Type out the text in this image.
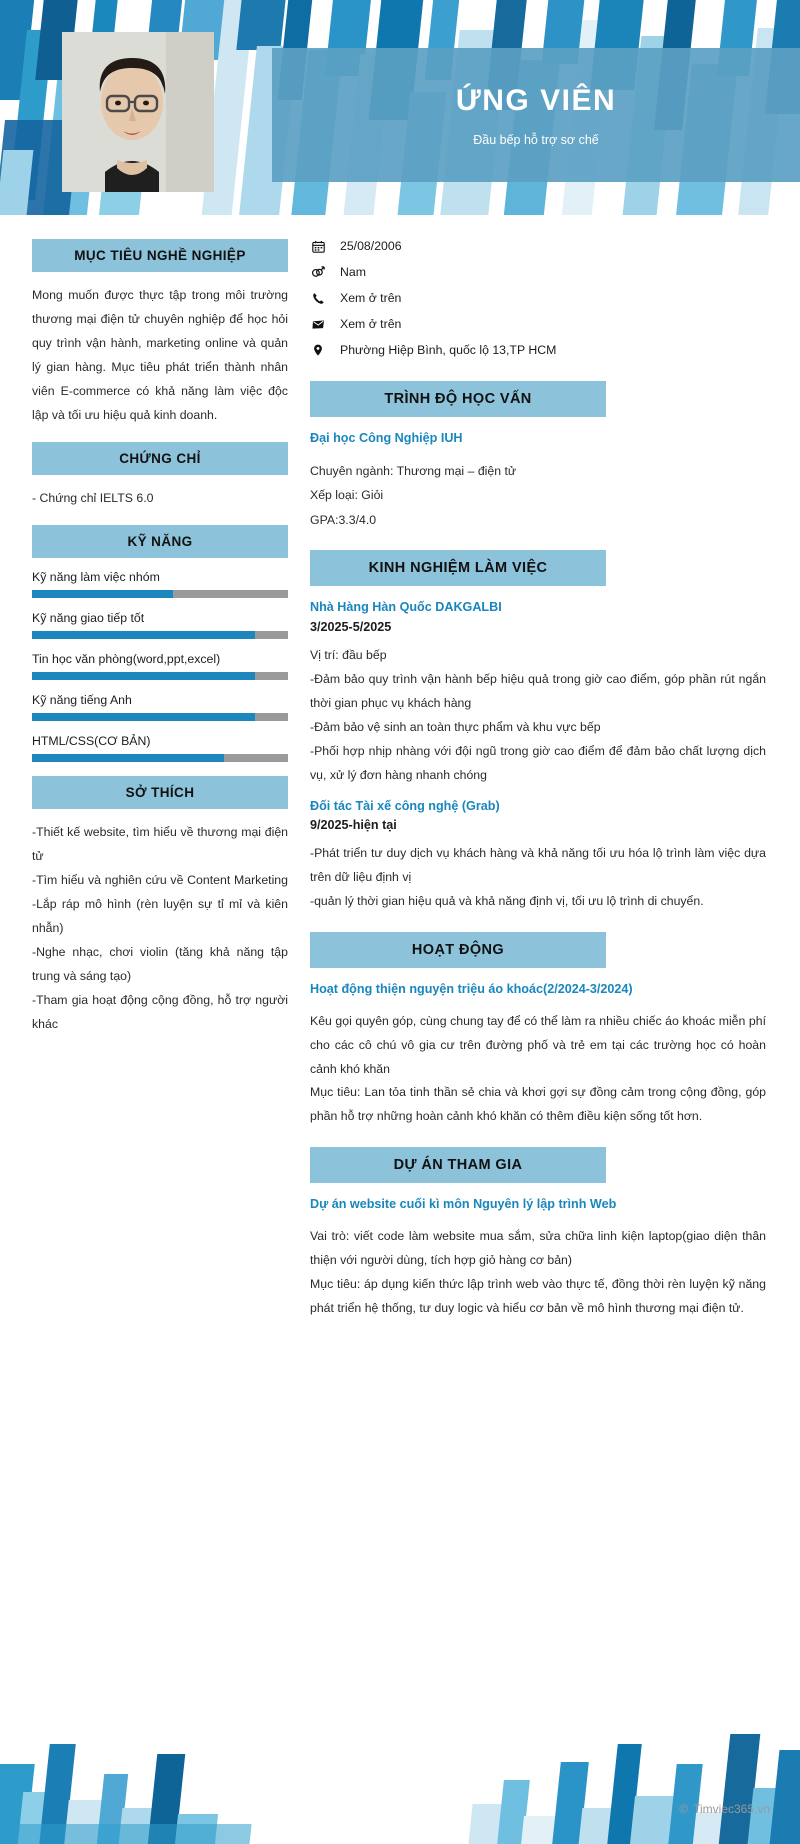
ỨNG VIÊN
Đầu bếp hỗ trợ sơ chế
MỤC TIÊU NGHỀ NGHIỆP
Mong muốn được thực tập trong môi trường thương mại điện tử chuyên nghiệp để học hỏi quy trình vận hành, marketing online và quản lý gian hàng. Mục tiêu phát triển thành nhân viên E-commerce có khả năng làm việc độc lập và tối ưu hiệu quả kinh doanh.
CHỨNG CHỈ
- Chứng chỉ IELTS 6.0
KỸ NĂNG
Kỹ năng làm việc nhóm
Kỹ năng giao tiếp tốt
Tin học văn phòng(word,ppt,excel)
Kỹ năng tiếng Anh
HTML/CSS(CƠ BẢN)
SỞ THÍCH
-Thiết kế website, tìm hiểu về thương mại điện tử
-Tìm hiểu và nghiên cứu về Content Marketing -Lắp ráp mô hình (rèn luyện sự tỉ mỉ và kiên nhẫn)
-Nghe nhạc, chơi violin (tăng khả năng tập trung và sáng tạo)
-Tham gia hoạt động cộng đồng, hỗ trợ người khác
25/08/2006
Nam
Xem ở trên
Xem ở trên
Phường Hiệp Bình, quốc lộ 13,TP HCM
TRÌNH ĐỘ HỌC VẤN
Đại học Công Nghiệp IUH
Chuyên ngành: Thương mại – điện tử
Xếp loại: Giỏi
GPA:3.3/4.0
KINH NGHIỆM LÀM VIỆC
Nhà Hàng Hàn Quốc DAKGALBI
3/2025-5/2025
Vị trí: đầu bếp
-Đảm bảo quy trình vận hành bếp hiệu quả trong giờ cao điểm, góp phần rút ngắn thời gian phục vụ khách hàng
-Đảm bảo vệ sinh an toàn thực phẩm và khu vực bếp
-Phối hợp nhịp nhàng với đội ngũ trong giờ cao điểm để đảm bảo chất lượng dịch vụ, xử lý đơn hàng nhanh chóng
Đối tác Tài xế công nghệ (Grab)
9/2025-hiện tại
-Phát triển tư duy dịch vụ khách hàng và khả năng tối ưu hóa lộ trình làm việc dựa trên dữ liệu định vị
-quản lý thời gian hiệu quả và khả năng định vị, tối ưu lộ trình di chuyển.
HOẠT ĐỘNG
Hoạt động thiện nguyện triệu áo khoác(2/2024-3/2024)
Kêu gọi quyên góp, cùng chung tay để có thể làm ra nhiều chiếc áo khoác miễn phí cho các cô chú vô gia cư trên đường phố và trẻ em tại các trường học có hoàn cảnh khó khăn
Mục tiêu: Lan tỏa tinh thần sẻ chia và khơi gợi sự đồng cảm trong cộng đồng, góp phần hỗ trợ những hoàn cảnh khó khăn có thêm điều kiện sống tốt hơn.
DỰ ÁN THAM GIA
Dự án website cuối kì môn Nguyên lý lập trình Web
Vai trò: viết code làm website mua sắm, sửa chữa linh kiện laptop(giao diện thân thiện với người dùng, tích hợp giỏ hàng cơ bản)
Mục tiêu: áp dụng kiến thức lập trình web vào thực tế, đồng thời rèn luyện kỹ năng phát triển hệ thống, tư duy logic và hiểu cơ bản về mô hình thương mại điện tử.
© Timviec365.vn
